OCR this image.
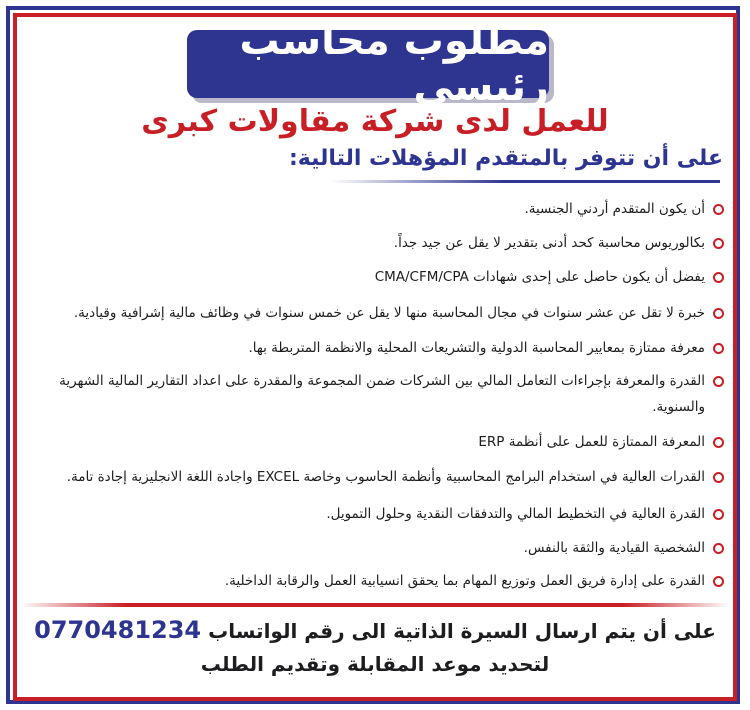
مطلوب محاسب رئيسي
للعمل لدى شركة مقاولات كبرى
على أن تتوفر بالمتقدم المؤهلات التالية:
أن يكون المتقدم أردني الجنسية.
بكالوريوس محاسبة كحد أدنى بتقدير لا يقل عن جيد جداً.
يفضل أن يكون حاصل على إحدى شهادات CMA/CFM/CPA
خبرة لا تقل عن عشر سنوات في مجال المحاسبة منها لا يقل عن خمس سنوات في وظائف مالية إشرافية وقيادية.
معرفة ممتازة بمعايير المحاسبة الدولية والتشريعات المحلية والانظمة المتربطة بها.
القدرة والمعرفة بإجراءات التعامل المالي بين الشركات ضمن المجموعة والمقدرة على اعداد التقارير المالية الشهرية والسنوية.
المعرفة الممتازة للعمل على أنظمة ERP
القدرات العالية في استخدام البرامج المحاسبية وأنظمة الحاسوب وخاصة EXCEL واجادة اللغة الانجليزية إجادة تامة.
القدرة العالية في التخطيط المالي والتدفقات النقدية وحلول التمويل.
الشخصية القيادية والثقة بالنفس.
القدرة على إدارة فريق العمل وتوزيع المهام بما يحقق انسيابية العمل والرقابة الداخلية.
على أن يتم ارسال السيرة الذاتية الى رقم الواتساب 0770481234
لتحديد موعد المقابلة وتقديم الطلب
